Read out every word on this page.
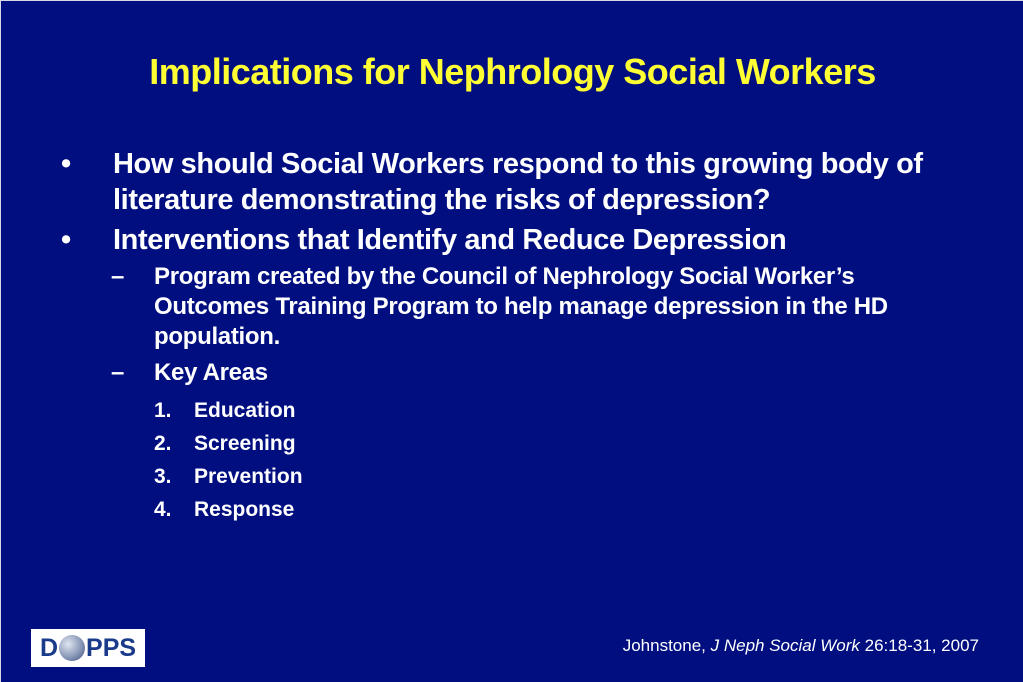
Implications for Nephrology Social Workers
•	How should Social Workers respond to this growing body of literature demonstrating the risks of depression?
•	Interventions that Identify and Reduce Depression
– Program created by the Council of Nephrology Social Worker’s Outcomes Training Program to help manage depression in the HD population.
– Key Areas
1. Education
2. Screening
3. Prevention
4. Response
D PPS	Johnstone, J Neph Social Work 26:18-31, 2007
